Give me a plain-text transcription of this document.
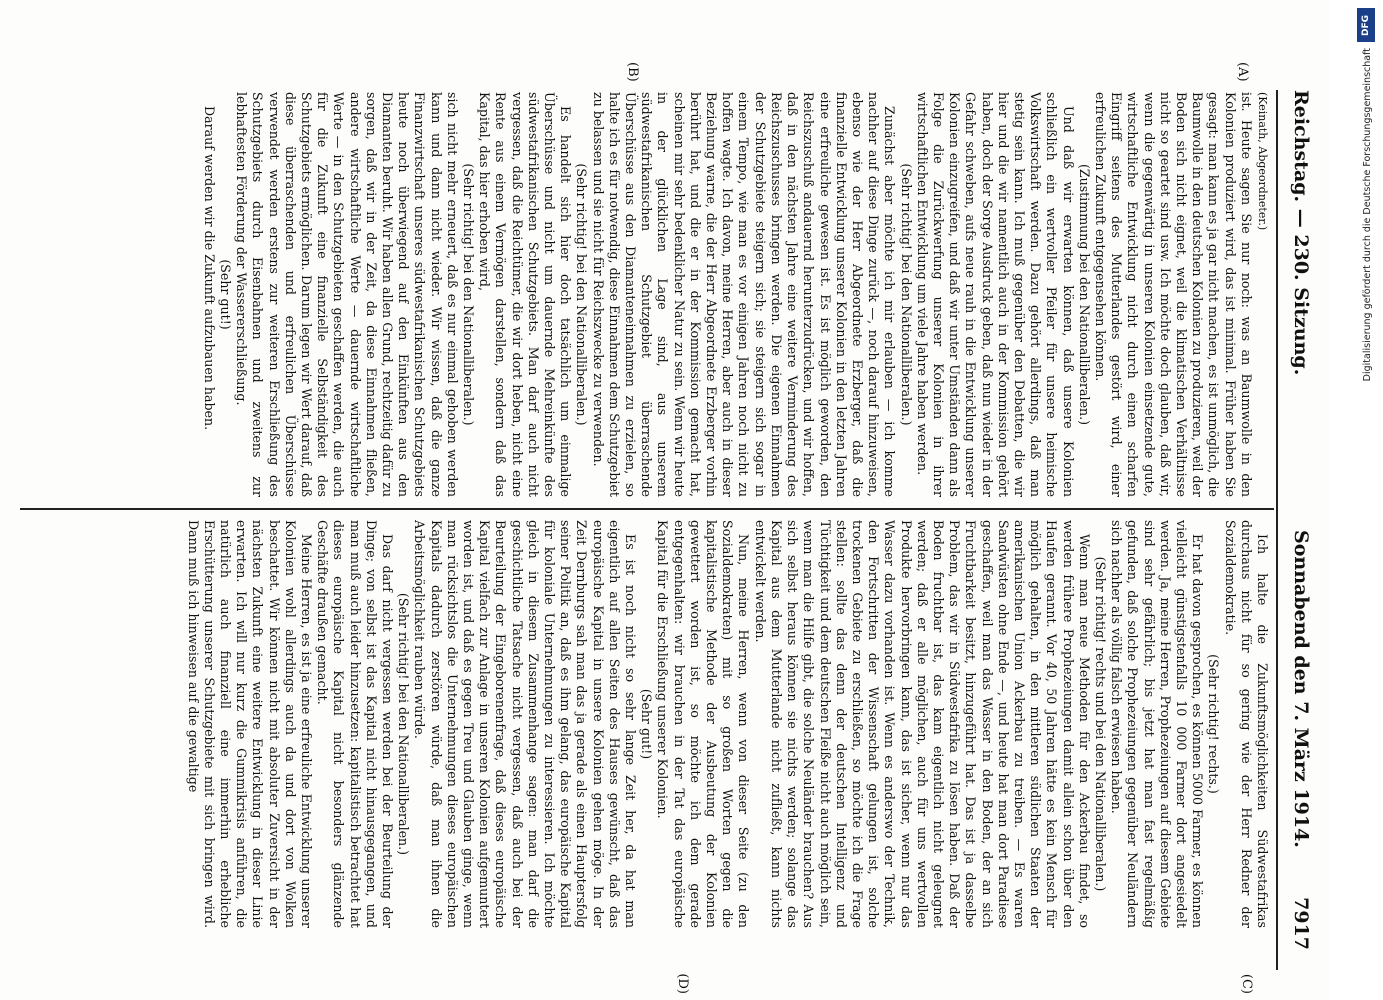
Reichstag. — 230. Sitzung.
Sonnabend den 7. März 1914.
7917
(A)
(B)
(C)
(D)

(Keinath, Abgeordneter.)

ist. Heute sagen Sie nur noch: was an Baumwolle in den Kolonien produziert wird, das ist minimal. Früher haben Sie gesagt: man kann es ja gar nicht machen, es ist unmöglich, die Baumwolle in den deutschen Kolonien zu produzieren, weil der Boden sich nicht eignet, weil die klimatischen Verhältnisse nicht so geartet sind usw. Ich möchte doch glauben, daß wir, wenn die gegenwärtig in unseren Kolonien einsetzende gute, wirtschaftliche Entwicklung nicht durch einen scharfen Eingriff seitens des Mutterlandes gestört wird, einer erfreulichen Zukunft entgegensehen können.

(Zustimmung bei den Nationalliberalen.)

Und daß wir erwarten können, daß unsere Kolonien schließlich ein wertvoller Pfeiler für unsere heimische Volkswirtschaft werden. Dazu gehört allerdings, daß man stetig sein kann. Ich muß gegenüber den Debatten, die wir hier und die wir namentlich auch in der Kommission gehört haben, doch der Sorge Ausdruck geben, daß nun wieder in der Gefahr schweben, aufs neue rauh in die Entwicklung unserer Kolonien einzugreifen, und daß wir unter Umständen dann als Folge die Zurückwerfung unserer Kolonien in ihrer wirtschaftlichen Entwicklung um viele Jahre haben werden.

(Sehr richtig! bei den Nationalliberalen.)

Zunächst aber möchte ich mir erlauben — ich komme nachher auf diese Dinge zurück —, noch darauf hinzuweisen, ebenso wie der Herr Abgeordnete Erzberger, daß die finanzielle Entwicklung unserer Kolonien in den letzten Jahren eine erfreuliche gewesen ist. Es ist möglich geworden, den Reichszuschuß andauernd herunterzudrücken, und wir hoffen, daß in den nächsten Jahre eine weitere Verminderung des Reichszuschusses bringen werden. Die eigenen Einnahmen der Schutzgebiete steigern sich; sie steigern sich sogar in einem Tempo, wie man es vor einigen Jahren noch nicht zu hoffen wagte. Ich davon, meine Herren, aber auch in dieser Beziehung warne, die der Herr Abgeordnete Erzberger vorhin berührt hat, und die er in der Kommission gemacht hat, scheinen mir sehr bedenklicher Natur zu sein. Wenn wir heute in der glücklichen Lage sind, aus unserem südwestafrikanischen Schutzgebiet überraschende Überschüsse aus den Diamanteneinnahmen zu erzielen, so halte ich es für notwendig, diese Einnahmen dem Schutzgebiet zu belassen und sie nicht für Reichszwecke zu verwenden.

(Sehr richtig! bei den Nationalliberalen.)

Es handelt sich hier doch tatsächlich um einmalige Überschüsse und nicht um dauernde Mehreinkünfte des südwestafrikanischen Schutzgebiets. Man darf auch nicht vergessen, daß die Reichtümer, die wir dort heben, nicht eine Rente aus einem Vermögen darstellen, sondern daß das Kapital, das hier erhoben wird,

(Sehr richtig! bei den Nationalliberalen.)

sich nicht mehr erneuert, daß es nur einmal gehoben werden kann und dann nicht wieder. Wir wissen, daß die ganze Finanzwirtschaft unseres südwestafrikanischen Schutzgebiets heute noch überwiegend auf den Einkünften aus den Diamanten beruht. Wir haben allen Grund, rechtzeitig dafür zu sorgen, daß wir in der Zeit, da diese Einnahmen fließen, andere wirtschaftliche Werte — dauernde wirtschaftliche Werte — in den Schutzgebieten geschaffen werden, die auch für die Zukunft eine finanzielle Selbständigkeit des Schutzgebiets ermöglichen. Darum legen wir Wert darauf, daß diese überraschenden und erfreulichen Überschüsse verwendet werden erstens zur weiteren Erschließung des Schutzgebiets durch Eisenbahnen und zweitens zur lebhaftesten Förderung der Wassererschließung.

(Sehr gut!)

Darauf werden wir die Zukunft aufzubauen haben.

Ich halte die Zukunftsmöglichkeiten Südwestafrikas durchaus nicht für so gering wie der Herr Redner der Sozialdemokratie.

(Sehr richtig! rechts.)

Er hat davon gesprochen, es können 5000 Farmer, es können vielleicht günstigstenfalls 10 000 Farmer dort angesiedelt werden. Ja, meine Herren, Prophezeiungen auf diesem Gebiete sind sehr gefährlich; bis jetzt hat man fast regelmäßig gefunden, daß solche Prophezeiungen gegenüber Neuländern sich nachher als völlig falsch erwiesen haben.

(Sehr richtig! rechts und bei den Nationalliberalen.)

Wenn man neue Methoden für den Ackerbau findet, so werden frühere Prophezeiungen damit allein schon über den Haufen gerannt. Vor 40, 50 Jahren hätte es kein Mensch für möglich gehalten, in den mittleren südlichen Staaten der amerikanischen Union Ackerbau zu treiben. — Es waren Sandwüsten ohne Ende —, und heute hat man dort Paradiese geschaffen, weil man das Wasser in den Boden, der an sich Fruchtbarkeit besitzt, hinzugeführt hat. Das ist ja dasselbe Problem, das wir in Südwestafrika zu lösen haben. Daß der Boden fruchtbar ist, das kam eigentlich nicht geleugnet werden; daß er alle möglichen, auch für uns wertvollen Produkte hervorbringen kann, das ist sicher, wenn nur das Wasser dazu vorhanden ist. Wenn es anderswo der Technik, den Fortschritten der Wissenschaft gelungen ist, solche trockenen Gebiete zu erschließen, so möchte ich die Frage stellen: sollte das denn der deutschen Intelligenz und Tüchtigkeit und dem deutschen Fleiße nicht auch möglich sein, wenn man die Hilfe gibt, die solche Neuländer brauchen? Aus sich selbst heraus können sie nichts werden; solange das Kapital aus dem Mutterlande nicht zufließt, kann nichts entwickelt werden.

Nun, meine Herren, wenn von dieser Seite (zu den Sozialdemokraten) mit so großen Worten gegen die kapitalistische Methode der Ausbeutung der Kolonien gewettert worden ist, so möchte ich dem gerade entgegenhalten: wir brauchen in der Tat das europäische Kapital für die Erschließung unserer Kolonien.

(Sehr gut!)

Es ist noch nicht so sehr lange Zeit her, da hat man eigentlich auf allen Seiten des Hauses gewünscht, daß das europäische Kapital in unsere Kolonien gehen möge. In der Zeit Dernburgs sah man das ja gerade als einen Hauptersfolg seiner Politik an, daß es ihm gelang, das europäische Kapital für koloniale Unternehmungen zu interessieren. Ich möchte gleich in diesem Zusammenhange sagen: man darf die geschichtliche Tatsache nicht vergessen, daß auch bei der Beurteilung der Eingeborenenfrage, daß dieses europäische Kapital vielfach zur Anlage in unseren Kolonien aufgemuntert worden ist, und daß es gegen Treu und Glauben ginge, wenn man rücksichtslos die Unternehmungen dieses europäischen Kapitals dadurch zerstören würde, daß man ihnen die Arbeitsmöglichkeit rauben würde.

(Sehr richtig! bei den Nationalliberalen.)

Das darf nicht vergessen werden bei der Beurteilung der Dinge; von selbst ist das Kapital nicht hinausgegangen, und man muß auch leider hinzusetzen: kapitalistisch betrachtet hat dieses europäische Kapital nicht besonders glänzende Geschäfte draußen gemacht.

Meine Herren, es ist ja eine erfreuliche Entwicklung unserer Kolonien wohl allerdings auch da und dort von Wolken beschattet. Wir können nicht mit absoluter Zuversicht in der nächsten Zukunft eine weitere Entwicklung in dieser Linie erwarten. Ich will nur kurz die Gummikrisis anführen, die natürlich auch finanziell eine immerhin erhebliche Erschütterung unserer Schutzgebiete mit sich bringen wird. Dann muß ich hinweisen auf die gewaltige

DFG
Digitalisierung gefördert durch die Deutsche Forschungsgemeinschaft
